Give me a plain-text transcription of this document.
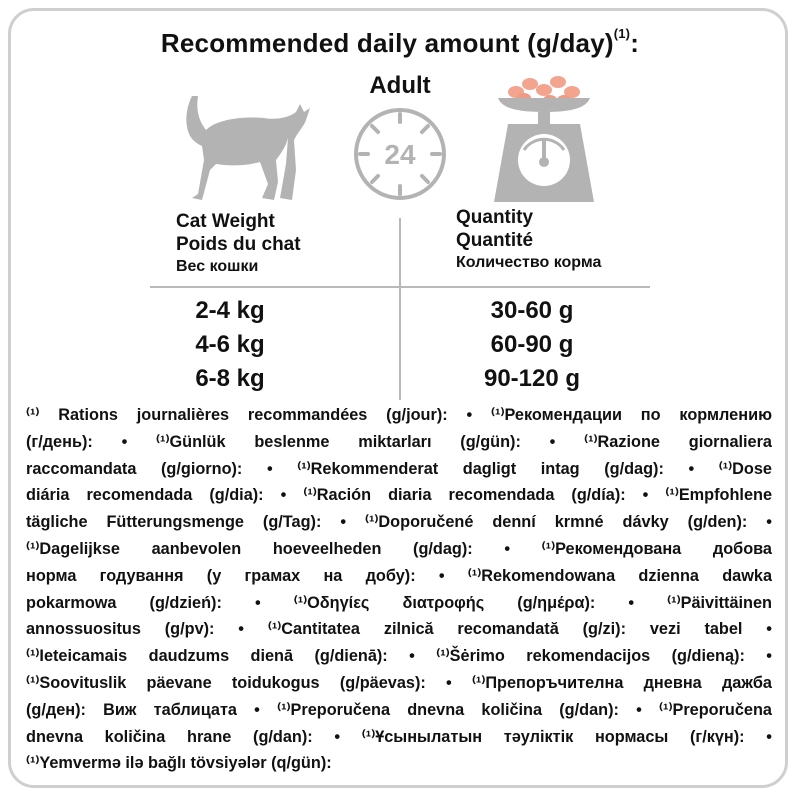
Recommended daily amount $(g/day)^{(1)}$:
Adult
24
Cat Weight
Poids du chat
Вес кошки
Quantity
Quantité
Количество корма
2-4 kg
4-6 kg
6-8 kg
30-60 g
60-90 g
90-120 g
⁽¹⁾ Rations journalières recommandées (g/jour): • ⁽¹⁾Рекомендации по кормлению
(г/день): • ⁽¹⁾Günlük beslenme miktarları (g/gün): • ⁽¹⁾Razione giornaliera
raccomandata (g/giorno): • ⁽¹⁾Rekommenderat dagligt intag (g/dag): • ⁽¹⁾Dose
diária recomendada (g/dia): • ⁽¹⁾Ración diaria recomendada (g/día): • ⁽¹⁾Empfohlene
tägliche Fütterungsmenge (g/Tag): • ⁽¹⁾Doporučené denní krmné dávky (g/den): •
⁽¹⁾Dagelijkse aanbevolen hoeveelheden (g/dag): • ⁽¹⁾Рекомендована добова
норма годування (у грамах на добу): • ⁽¹⁾Rekomendowana dzienna dawka
pokarmowa (g/dzień): • ⁽¹⁾Οδηγίες διατροφής (g/ημέρα): • ⁽¹⁾Päivittäinen
annossuositus (g/pv): • ⁽¹⁾Cantitatea zilnică recomandată (g/zi): vezi tabel •
⁽¹⁾Ieteicamais daudzums dienā (g/dienā): • ⁽¹⁾Šėrimo rekomendacijos (g/dieną): •
⁽¹⁾Soovituslik päevane toidukogus (g/päevas): • ⁽¹⁾Препоръчителна дневна дажба
(g/ден): Виж таблицата • ⁽¹⁾Preporučena dnevna količina (g/dan): • ⁽¹⁾Preporučena
dnevna količina hrane (g/dan): • ⁽¹⁾Ұсынылатын тәуліктік нормасы (г/күн): •
⁽¹⁾Yemvermə ilə bağlı tövsiyələr (q/gün):
